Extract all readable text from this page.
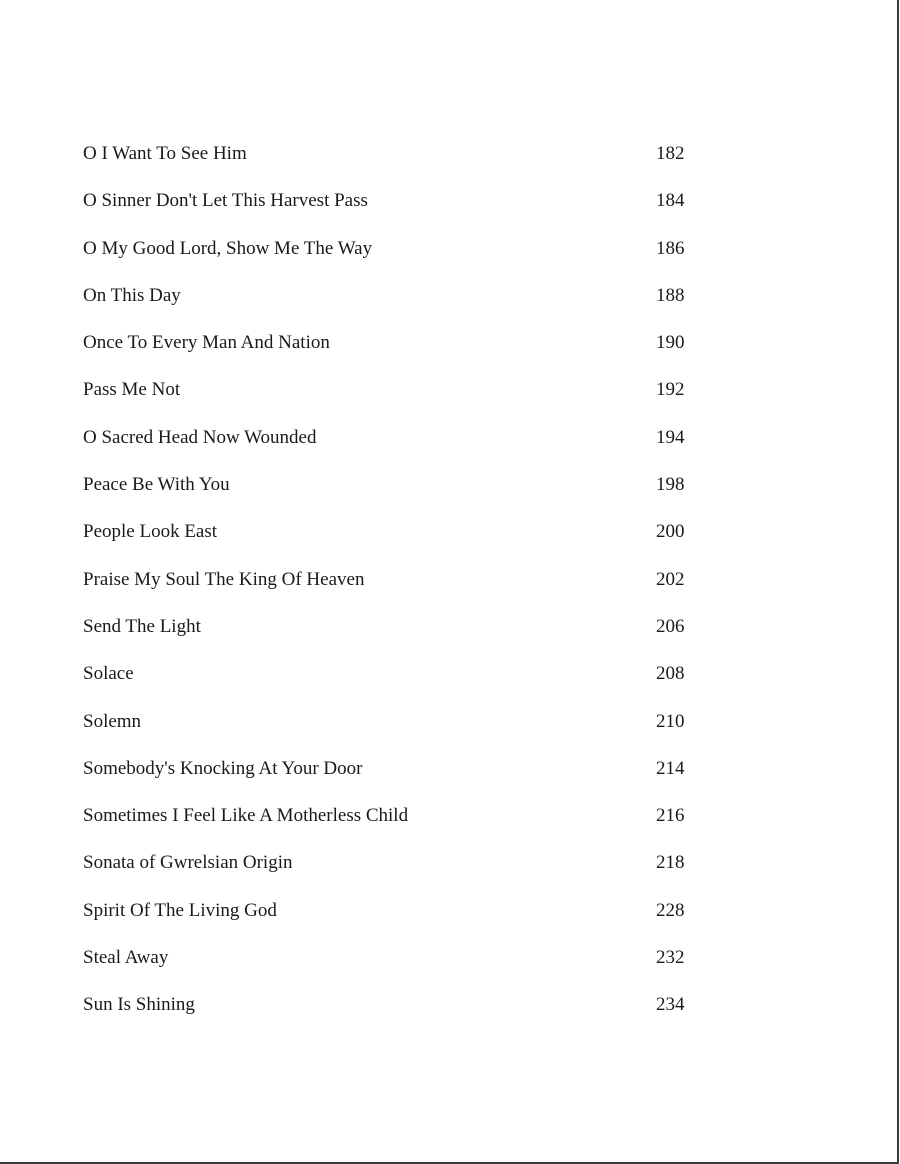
O I Want To See Him	182
O Sinner Don't Let This Harvest Pass	184
O My Good Lord, Show Me The Way	186
On This Day	188
Once To Every Man And Nation	190
Pass Me Not	192
O Sacred Head Now Wounded	194
Peace Be With You	198
People Look East	200
Praise My Soul The King Of Heaven	202
Send The Light	206
Solace	208
Solemn	210
Somebody's Knocking At Your Door	214
Sometimes I Feel Like A Motherless Child	216
Sonata of Gwrelsian Origin	218
Spirit Of The Living God	228
Steal Away	232
Sun Is Shining	234
